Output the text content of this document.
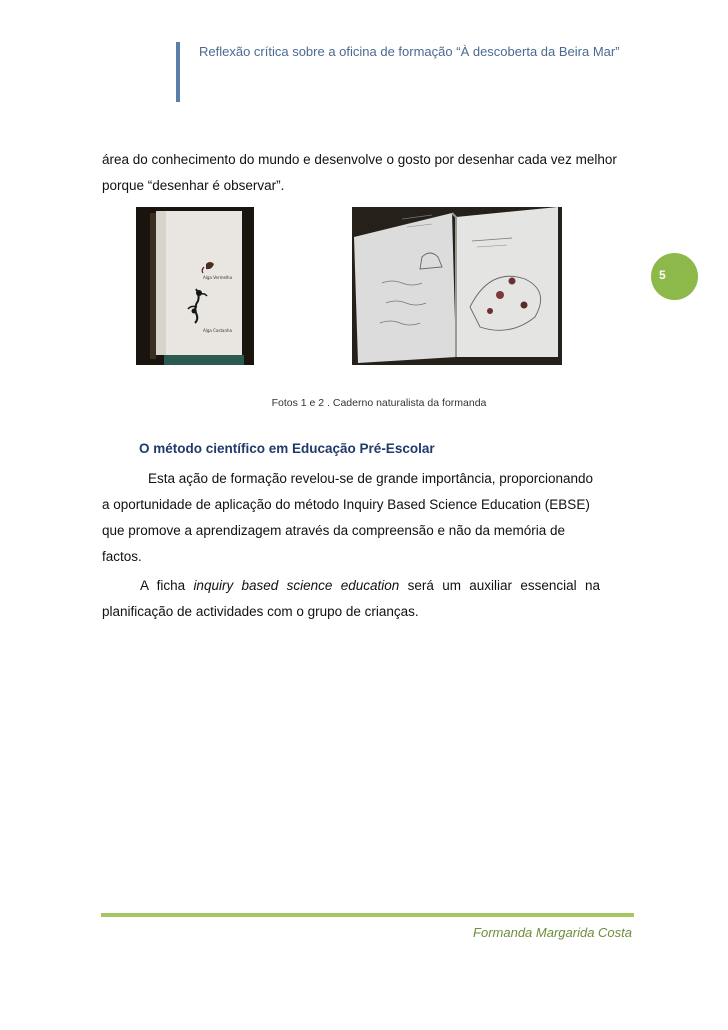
Reflexão crítica sobre a oficina de formação “À descoberta da Beira Mar”
5
área do conhecimento do mundo e desenvolve o gosto por desenhar cada vez melhor
porque “desenhar é observar”.
Alga Vermelha
Alga Castanha
Fotos 1 e 2 . Caderno naturalista da formanda
O método científico em Educação Pré-Escolar
Esta ação de formação revelou-se de grande importância, proporcionando
a oportunidade de aplicação do método Inquiry Based Science Education (EBSE)
que promove a aprendizagem através da compreensão e não da memória de
factos.
A ficha inquiry based science education será um auxiliar essencial na
planificação de actividades com o grupo de crianças.
Formanda Margarida Costa
